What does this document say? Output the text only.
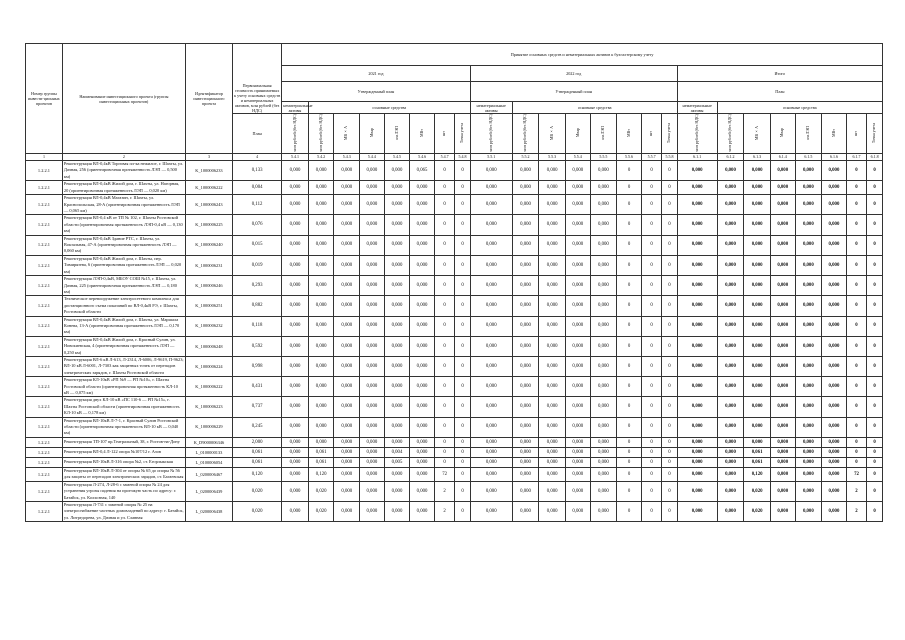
Номер группы инвести-ционных проектов	Наименование инвестиционного проекта (группы инвестиционных проектов)	Идентификатор инвестиционного проекта	Первоначальная стоимость принимаемых к учету основных средств и нематериальных активов, млн рублей (без НДС)	Принятие основных средств и нематериальных активов к бухгалтерскому учету																							
				2021 год								2022 год								Итого							
				Утвержденный план								Утвержденный план								План							
				нематериальные активы	основные средства							нематериальные активы	основные средства							нематериальные активы	основные средства						
			План	млн рублей (без НДС)	млн рублей (без НДС)	МВ×А	Мвар	км ЛЭП	МВт	шт	Точка учета	млн рублей (без НДС)	млн рублей (без НДС)	МВ×А	Мвар	км ЛЭП	МВт	шт	Точка учета	млн рублей (без НДС)	млн рублей (без НДС)	МВ×А	Мвар	км ЛЭП	МВт	шт	Точка учета
1	2	3	4	5.4.1	5.4.2	5.4.3	5.4.4	5.4.5	5.4.6	5.4.7	5.4.8	5.5.1	5.5.2	5.5.3	5.5.4	5.5.5	5.5.6	5.5.7	5.5.8	6.1.1	6.1.2	6.1.3	6.1.4	6.1.5	6.1.6	6.1.7	6.1.8
1.2.2.1	Реконструкция ВЛ-0,4кВ Торговая пл-ка нежилое, г. Шахты, ул. Дачная, 256 (ориентировочная протяженность ЛЭП — 0,500 км)	K_1000006233	0,133	0,000	0,000	0,000	0,000	0,000	0,065	0	0	0,000	0,000	0,000	0,000	0,000	0	0	0	0,000	0,000	0,000	0,000	0,000	0,000	0	0
1.2.2.1	Реконструкция ВЛ-0,4кВ Жилой дом, г. Шахты, ул. Нагорная, 20 (ориентировочная протяженность ЛЭП — 0,020 км)	K_1000006222	0,004	0,000	0,000	0,000	0,000	0,000	0,000	0	0	0,000	0,000	0,000	0,000	0,000	0	0	0	0,000	0,000	0,000	0,000	0,000	0,000	0	0
1.2.2.1	Реконструкция ВЛ-0,4кВ Магазин, г. Шахты, ул. Краснопольская, 28-А (ориентировочная протяженность ЛЭП — 0,065 км)	K_1000006243	0,112	0,000	0,000	0,000	0,000	0,000	0,000	0	0	0,000	0,000	0,000	0,000	0,000	0	0	0	0,000	0,000	0,000	0,000	0,000	0,000	0	0
1.2.2.1	Реконструкция ВЛ-0,4 кВ от ТП № 102, г. Шахты Ростовской области (ориентировочная протяженность ЛЭП-0,4 кВ — 0,130 км)	K_1000006225	0,076	0,000	0,000	0,000	0,000	0,000	0,000	0	0	0,000	0,000	0,000	0,000	0,000	0	0	0	0,000	0,000	0,000	0,000	0,000	0,000	0	0
1.2.2.1	Реконструкция ВЛ-0,4кВ Здание РТС, г. Шахты, ул. Вокзальная, 47-А (ориентировочная протяженность ЛЭП — 0,060 км)	K_1000006240	0,015	0,000	0,000	0,000	0,000	0,000	0,000	0	0	0,000	0,000	0,000	0,000	0,000	0	0	0	0,000	0,000	0,000	0,000	0,000	0,000	0	0
1.2.2.1	Реконструкция ВЛ-0,4кВ Жилой дом, г. Шахты, пер. Тимирязева, 6 (ориентировочная протяженность ЛЭП — 0,020 км)	K_1000006231	0,019	0,000	0,000	0,000	0,000	0,000	0,000	0	0	0,000	0,000	0,000	0,000	0,000	0	0	0	0,000	0,000	0,000	0,000	0,000	0,000	0	0
1.2.2.1	Реконструкция ЛЭП-0,4кВ, МБОУ СОШ №15, г. Шахты, ул. Дачная, 225 (ориентировочная протяженность ЛЭП — 0,180 км)	K_1000006246	0,293	0,000	0,000	0,000	0,000	0,000	0,000	0	0	0,000	0,000	0,000	0,000	0,000	0	0	0	0,000	0,000	0,000	0,000	0,000	0,000	0	0
1.2.2.1	Техническое перевооружение электросетевого комплекса для дистанционного съема показаний по ВЛ-0,4кВ РЭ, г. Шахты, Ростовской области	K_1000006251	0,882	0,000	0,000	0,000	0,000	0,000	0,000	0	0	0,000	0,000	0,000	0,000	0,000	0	0	0	0,000	0,000	0,000	0,000	0,000	0,000	0	0
1.2.2.1	Реконструкция ВЛ-0,4кВ Жилой дом, г. Шахты, ул. Маршала Конева, 13-А (ориентировочная протяженность ЛЭП — 0,170 км)	K_1000006232	0,118	0,000	0,000	0,000	0,000	0,000	0,000	0	0	0,000	0,000	0,000	0,000	0,000	0	0	0	0,000	0,000	0,000	0,000	0,000	0,000	0	0
1.2.2.1	Реконструкция ВЛ-0,4кВ Жилой дом, г. Красный Сулин, ул. Новокиевская, 4 (ориентировочная протяженность ЛЭП — 0,250 км)	K_1000006248	0,592	0,000	0,000	0,000	0,000	0,000	0,000	0	0	0,000	0,000	0,000	0,000	0,000	0	0	0	0,000	0,000	0,000	0,000	0,000	0,000	0	0
1.2.2.1	Реконструкция ВЛ-6 кВ Л-613, Л-2314, Л-6006, Л-9619, П-9623; ВЛ-10 кВ Л-6001, Л-7303 как защитных точек от перепадов электрических зарядов, г. Шахты Ростовской области	K_1000006224	0,998	0,000	0,000	0,000	0,000	0,000	0,000	0	0	0,000	0,000	0,000	0,000	0,000	0	0	0	0,000	0,000	0,000	0,000	0,000	0,000	0	0
1.2.2.1	Реконструкция КЛ-10кВ «РП №9 — РП №10», г. Шахты Ростовской области (ориентировочная протяженность КЛ-10 кВ — 0,075 км)	K_1000006222	0,431	0,000	0,000	0,000	0,000	0,000	0,000	0	0	0,000	0,000	0,000	0,000	0,000	0	0	0	0,000	0,000	0,000	0,000	0,000	0,000	0	0
1.2.2.1	Реконструкция двух КЛ-10 кВ «ПС 110-6 — РП №15», г. Шахты Ростовской области (ориентировочная протяженность КЛ-10 кВ — 0,178 км)	K_1000006223	0,737	0,000	0,000	0,000	0,000	0,000	0,000	0	0	0,000	0,000	0,000	0,000	0,000	0	0	0	0,000	0,000	0,000	0,000	0,000	0,000	0	0
1.2.2.1	Реконструкция ВЛ-10кВ Л-7-1, г. Красный Сулин Ростовской области (ориентировочная протяженность ВЛ-10 кВ — 0,040 км)	K_1000006229	0,245	0,000	0,000	0,000	0,000	0,000	0,000	0	0	0,000	0,000	0,000	0,000	0,000	0	0	0	0,000	0,000	0,000	0,000	0,000	0,000	0	0
1.2.2.1	Реконструкция ТП-107 пр.Театральный, 38, г. Ростов-на-Дону	K_D9000006346	2,000	0,000	0,000	0,000	0,000	0,000	0,000	0	0	0,000	0,000	0,000	0,000	0,000	0	0	0	0,000	0,000	0,000	0,000	0,000	0,000	0	0
1.2.2.1	Реконструкция ВЛ-0,4 Л-122 опора №107/12 г. Азов	L_0100000133	0,061	0,000	0,061	0,000	0,000	0,004	0,000	0	0	0,000	0,000	0,000	0,000	0,000	0	0	0	0,000	0,000	0,061	0,000	0,000	0,000	0	0
1.2.2.1	Реконструкция ВЛ-10кВ Л-316 опора №2, ст. Егорлыкская	L_0100006054	0,061	0,000	0,061	0,000	0,000	0,005	0,000	0	0	0,000	0,000	0,000	0,000	0,000	0	0	0	0,000	0,000	0,061	0,000	0,000	0,000	0	0
1.2.2.1	Реконструкция ВЛ-10кВ Л-304 от опоры № 65 до опоры № 56 для защиты от перепадов электрических зарядов, ст. Багаевская	L_0200006467	0,120	0,000	0,120	0,000	0,000	0,000	0,000	72	0	0,000	0,000	0,000	0,000	0,000	0	0	0	0,000	0,000	0,120	0,000	0,000	0,000	72	0
1.2.2.1	Реконструкция Л-274, Л-28-6 с заменой опоры № 24 для устранения угрозы падения на проезжую часть по адресу: г. Батайск, ул. Колхозная, 140	L_0200006439	0,020	0,000	0,020	0,000	0,000	0,000	0,000	2	0	0,000	0,000	0,000	0,000	0,000	0	0	0	0,000	0,000	0,020	0,000	0,000	0,000	2	0
1.2.2.1	Реконструкция Л-731 с заменой опоры № 25 на электроснабжение частных домовладений по адресу: г. Батайск, ул. Литредорева, ул. Дачная и ул. Славная	L_0200006438	0,020	0,000	0,020	0,000	0,000	0,000	0,000	2	0	0,000	0,000	0,000	0,000	0,000	0	0	0	0,000	0,000	0,020	0,000	0,000	0,000	2	0
